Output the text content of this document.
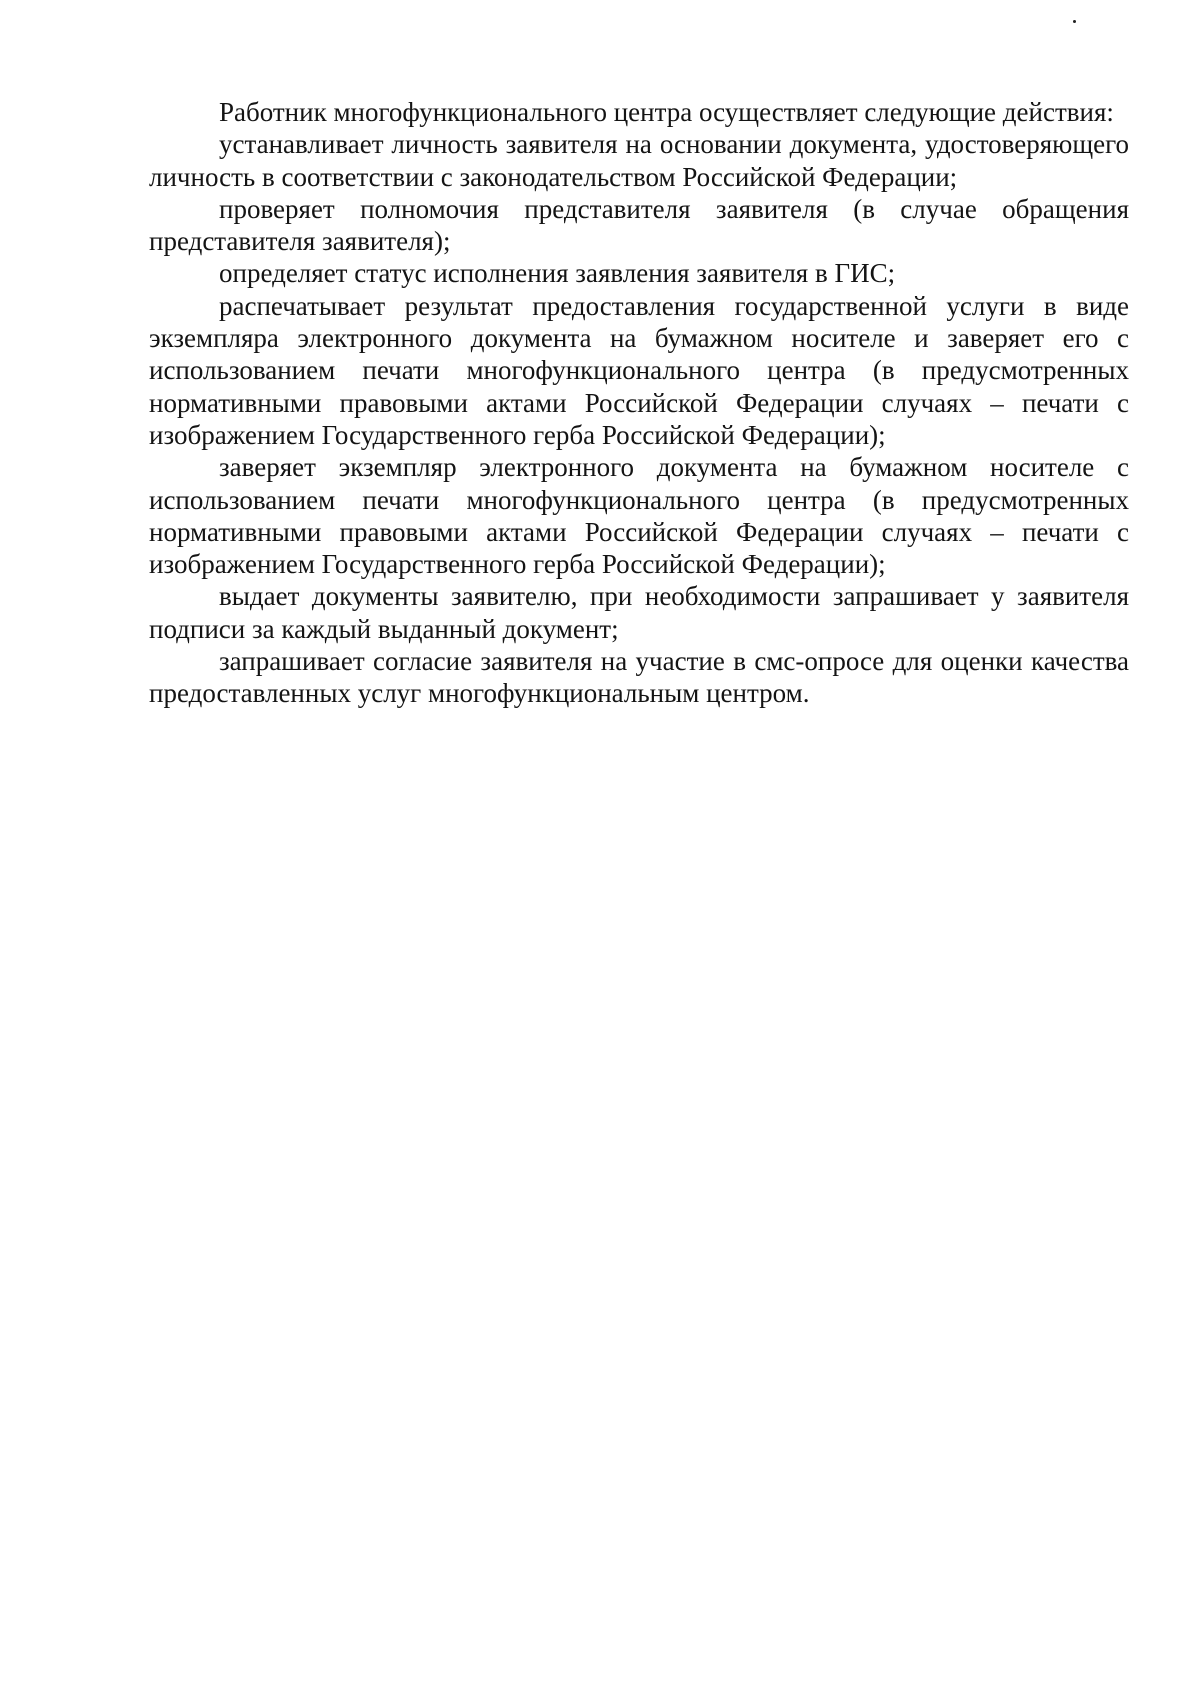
Работник многофункционального центра осуществляет следующие действия:

устанавливает личность заявителя на основании документа, удостоверяющего личность в соответствии с законодательством Российской Федерации;

проверяет полномочия представителя заявителя (в случае обращения представителя заявителя);

определяет статус исполнения заявления заявителя в ГИС;

распечатывает результат предоставления государственной услуги в виде экземпляра электронного документа на бумажном носителе и заверяет его с использованием печати многофункционального центра (в предусмотренных нормативными правовыми актами Российской Федерации случаях – печати с изображением Государственного герба Российской Федерации);

заверяет экземпляр электронного документа на бумажном носителе с использованием печати многофункционального центра (в предусмотренных нормативными правовыми актами Российской Федерации случаях – печати с изображением Государственного герба Российской Федерации);

выдает документы заявителю, при необходимости запрашивает у заявителя подписи за каждый выданный документ;

запрашивает согласие заявителя на участие в смс-опросе для оценки качества предоставленных услуг многофункциональным центром.
